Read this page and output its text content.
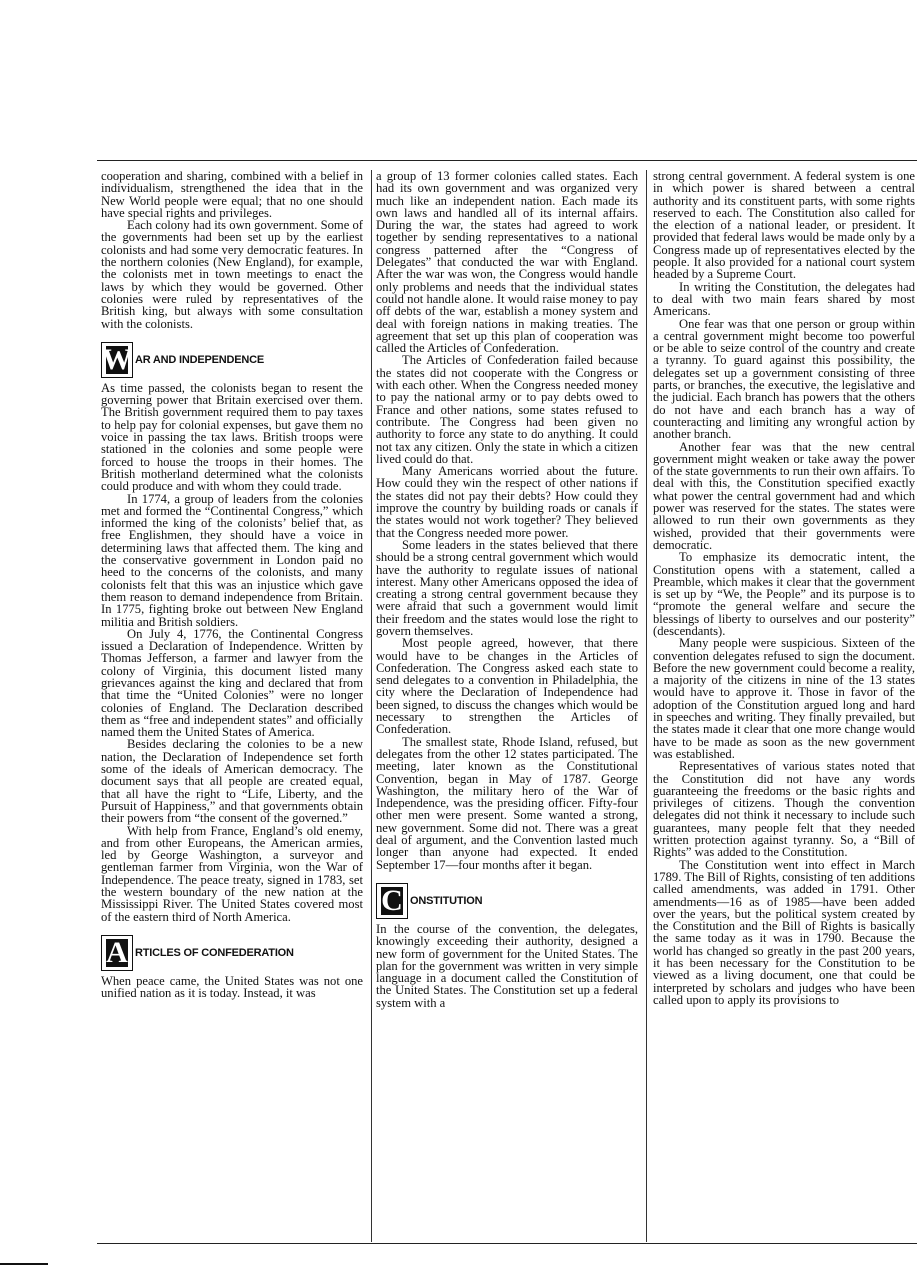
cooperation and sharing, combined with a belief in individualism, strengthened the idea that in the New World people were equal; that no one should have special rights and privileges.

Each colony had its own government. Some of the governments had been set up by the earliest colonists and had some very democratic features. In the northern colonies (New England), for example, the colonists met in town meetings to enact the laws by which they would be governed. Other colonies were ruled by representatives of the British king, but always with some consultation with the colonists.

W AR AND INDEPENDENCE

As time passed, the colonists began to resent the governing power that Britain exercised over them. The British government required them to pay taxes to help pay for colonial expenses, but gave them no voice in passing the tax laws. British troops were stationed in the colonies and some people were forced to house the troops in their homes. The British motherland determined what the colonists could produce and with whom they could trade.

In 1774, a group of leaders from the colonies met and formed the “Continental Congress,” which informed the king of the colonists’ belief that, as free Englishmen, they should have a voice in determining laws that affected them. The king and the conservative government in London paid no heed to the concerns of the colonists, and many colonists felt that this was an injustice which gave them reason to demand independence from Britain. In 1775, fighting broke out between New England militia and British soldiers.

On July 4, 1776, the Continental Congress issued a Declaration of Independence. Written by Thomas Jefferson, a farmer and lawyer from the colony of Virginia, this document listed many grievances against the king and declared that from that time the “United Colonies” were no longer colonies of England. The Declaration described them as “free and independent states” and officially named them the United States of America.

Besides declaring the colonies to be a new nation, the Declaration of Independence set forth some of the ideals of American democracy. The document says that all people are created equal, that all have the right to “Life, Liberty, and the Pursuit of Happiness,” and that governments obtain their powers from “the consent of the governed.”

With help from France, England’s old enemy, and from other Europeans, the American armies, led by George Washington, a surveyor and gentleman farmer from Virginia, won the War of Independence. The peace treaty, signed in 1783, set the western boundary of the new nation at the Mississippi River. The United States covered most of the eastern third of North America.

A RTICLES OF CONFEDERATION

When peace came, the United States was not one unified nation as it is today. Instead, it was

a group of 13 former colonies called states. Each had its own government and was organized very much like an independent nation. Each made its own laws and handled all of its internal affairs. During the war, the states had agreed to work together by sending representatives to a national congress patterned after the “Congress of Delegates” that conducted the war with England. After the war was won, the Congress would handle only problems and needs that the individual states could not handle alone. It would raise money to pay off debts of the war, establish a money system and deal with foreign nations in making treaties. The agreement that set up this plan of cooperation was called the Articles of Confederation.

The Articles of Confederation failed because the states did not cooperate with the Congress or with each other. When the Congress needed money to pay the national army or to pay debts owed to France and other nations, some states refused to contribute. The Congress had been given no authority to force any state to do anything. It could not tax any citizen. Only the state in which a citizen lived could do that.

Many Americans worried about the future. How could they win the respect of other nations if the states did not pay their debts? How could they improve the country by building roads or canals if the states would not work together? They believed that the Congress needed more power.

Some leaders in the states believed that there should be a strong central government which would have the authority to regulate issues of national interest. Many other Americans opposed the idea of creating a strong central government because they were afraid that such a government would limit their freedom and the states would lose the right to govern themselves.

Most people agreed, however, that there would have to be changes in the Articles of Confederation. The Congress asked each state to send delegates to a convention in Philadelphia, the city where the Declaration of Independence had been signed, to discuss the changes which would be necessary to strengthen the Articles of Confederation.

The smallest state, Rhode Island, refused, but delegates from the other 12 states participated. The meeting, later known as the Constitutional Convention, began in May of 1787. George Washington, the military hero of the War of Independence, was the presiding officer. Fifty-four other men were present. Some wanted a strong, new government. Some did not. There was a great deal of argument, and the Convention lasted much longer than anyone had expected. It ended September 17—four months after it began.

C ONSTITUTION

In the course of the convention, the delegates, knowingly exceeding their authority, designed a new form of government for the United States. The plan for the government was written in very simple language in a document called the Constitution of the United States. The Constitution set up a federal system with a

strong central government. A federal system is one in which power is shared between a central authority and its constituent parts, with some rights reserved to each. The Constitution also called for the election of a national leader, or president. It provided that federal laws would be made only by a Congress made up of representatives elected by the people. It also provided for a national court system headed by a Supreme Court.

In writing the Constitution, the delegates had to deal with two main fears shared by most Americans.

One fear was that one person or group within a central government might become too powerful or be able to seize control of the country and create a tyranny. To guard against this possibility, the delegates set up a government consisting of three parts, or branches, the executive, the legislative and the judicial. Each branch has powers that the others do not have and each branch has a way of counteracting and limiting any wrongful action by another branch.

Another fear was that the new central government might weaken or take away the power of the state governments to run their own affairs. To deal with this, the Constitution specified exactly what power the central government had and which power was reserved for the states. The states were allowed to run their own governments as they wished, provided that their governments were democratic.

To emphasize its democratic intent, the Constitution opens with a statement, called a Preamble, which makes it clear that the government is set up by “We, the People” and its purpose is to “promote the general welfare and secure the blessings of liberty to ourselves and our posterity” (descendants).

Many people were suspicious. Sixteen of the convention delegates refused to sign the document. Before the new government could become a reality, a majority of the citizens in nine of the 13 states would have to approve it. Those in favor of the adoption of the Constitution argued long and hard in speeches and writing. They finally prevailed, but the states made it clear that one more change would have to be made as soon as the new government was established.

Representatives of various states noted that the Constitution did not have any words guaranteeing the freedoms or the basic rights and privileges of citizens. Though the convention delegates did not think it necessary to include such guarantees, many people felt that they needed written protection against tyranny. So, a “Bill of Rights” was added to the Constitution.

The Constitution went into effect in March 1789. The Bill of Rights, consisting of ten additions called amendments, was added in 1791. Other amendments—16 as of 1985—have been added over the years, but the political system created by the Constitution and the Bill of Rights is basically the same today as it was in 1790. Because the world has changed so greatly in the past 200 years, it has been necessary for the Constitution to be viewed as a living document, one that could be interpreted by scholars and judges who have been called upon to apply its provisions to
